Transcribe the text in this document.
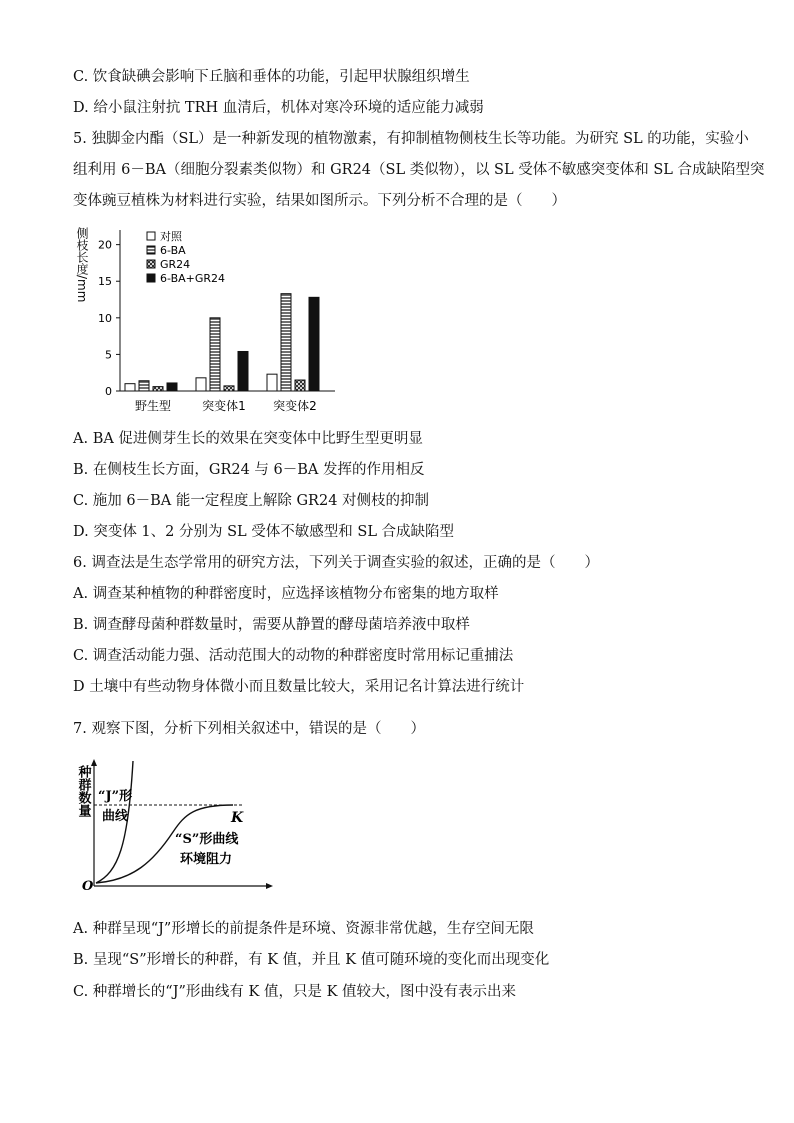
C. 饮食缺碘会影响下丘脑和垂体的功能，引起甲状腺组织增生
D. 给小鼠注射抗 TRH 血清后，机体对寒冷环境的适应能力减弱
5. 独脚金内酯（SL）是一种新发现的植物激素，有抑制植物侧枝生长等功能。为研究 SL 的功能，实验小
组利用 6－BA（细胞分裂素类似物）和 GR24（SL 类似物），以 SL 受体不敏感突变体和 SL 合成缺陷型突
变体豌豆植株为材料进行实验，结果如图所示。下列分析不合理的是（　　）
侧枝长度/mm
0
5
10
15
20
野生型	突变体1 突变体2
对照
6-BA
GR24
6-BA+GR24
A. BA 促进侧芽生长的效果在突变体中比野生型更明显
B. 在侧枝生长方面，GR24 与 6－BA 发挥的作用相反
C. 施加 6－BA 能一定程度上解除 GR24 对侧枝的抑制
D. 突变体 1、2 分别为 SL 受体不敏感型和 SL 合成缺陷型
6. 调查法是生态学常用的研究方法，下列关于调查实验的叙述，正确的是（　　）
A. 调查某种植物的种群密度时，应选择该植物分布密集的地方取样
B. 调查酵母菌种群数量时，需要从静置的酵母菌培养液中取样
C. 调查活动能力强、活动范围大的动物的种群密度时常用标记重捕法
D 土壤中有些动物身体微小而且数量比较大，采用记名计算法进行统计
7. 观察下图，分析下列相关叙述中，错误的是（　　）
种群数量 “J”形
曲线	K
“S”形曲线
环境阻力
O
A. 种群呈现“J”形增长的前提条件是环境、资源非常优越，生存空间无限
B. 呈现“S”形增长的种群，有 K 值，并且 K 值可随环境的变化而出现变化
C. 种群增长的“J”形曲线有 K 值，只是 K 值较大，图中没有表示出来
